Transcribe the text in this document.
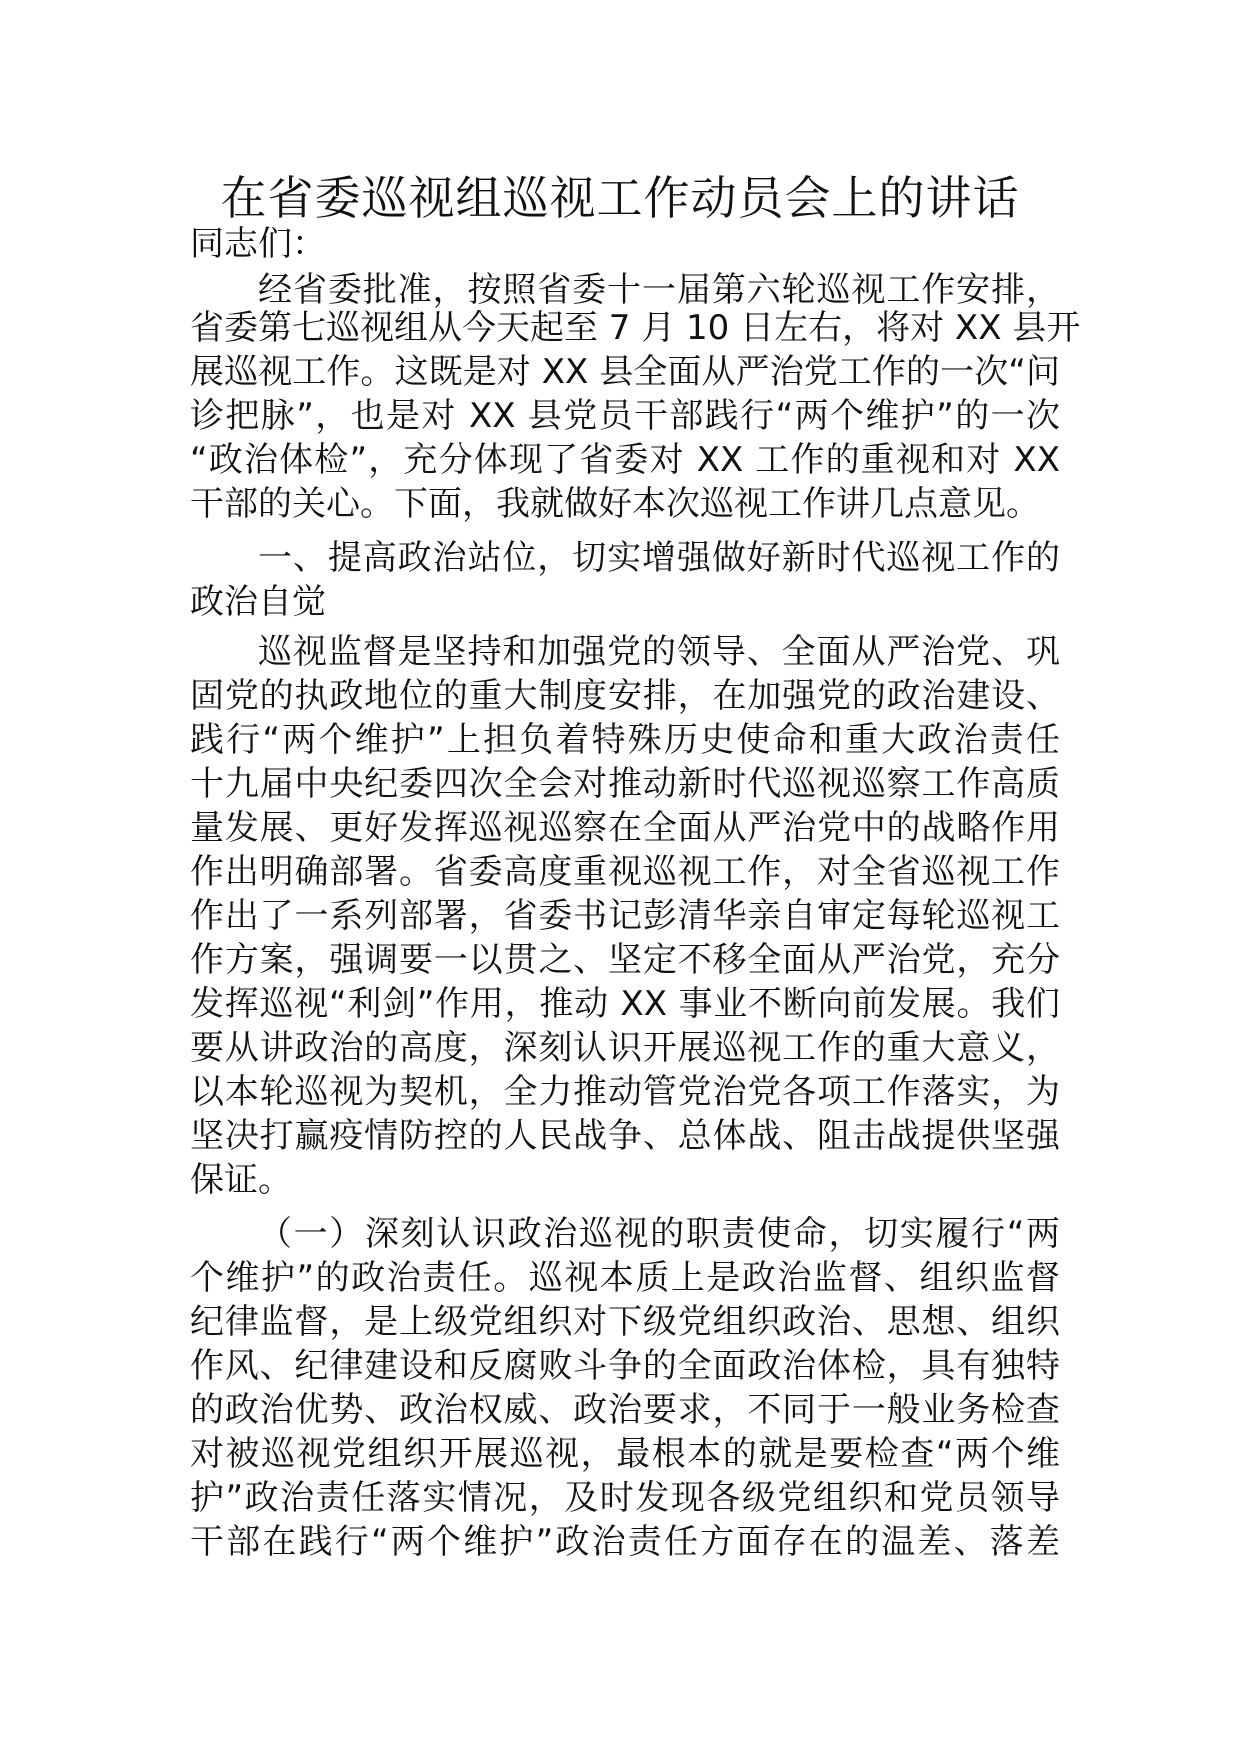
在省委巡视组巡视工作动员会上的讲话
同志们：
经省委批准，按照省委十一届第六轮巡视工作安排，
省委第七巡视组从今天起至 7 月 10 日左右，将对 XX 县开
展巡视工作。这既是对 XX 县全面从严治党工作的一次“问
诊把脉”，也是对 XX 县党员干部践行“两个维护”的一次
“政治体检”，充分体现了省委对 XX 工作的重视和对 XX
干部的关心。下面，我就做好本次巡视工作讲几点意见。
一、提高政治站位，切实增强做好新时代巡视工作的
政治自觉
巡视监督是坚持和加强党的领导、全面从严治党、巩
固党的执政地位的重大制度安排，在加强党的政治建设、
践行“两个维护”上担负着特殊历史使命和重大政治责任
十九届中央纪委四次全会对推动新时代巡视巡察工作高质
量发展、更好发挥巡视巡察在全面从严治党中的战略作用
作出明确部署。省委高度重视巡视工作，对全省巡视工作
作出了一系列部署，省委书记彭清华亲自审定每轮巡视工
作方案，强调要一以贯之、坚定不移全面从严治党，充分
发挥巡视“利剑”作用，推动 XX 事业不断向前发展。我们
要从讲政治的高度，深刻认识开展巡视工作的重大意义，
以本轮巡视为契机，全力推动管党治党各项工作落实，为
坚决打赢疫情防控的人民战争、总体战、阻击战提供坚强
保证。
（一）深刻认识政治巡视的职责使命，切实履行“两
个维护”的政治责任。巡视本质上是政治监督、组织监督
纪律监督，是上级党组织对下级党组织政治、思想、组织
作风、纪律建设和反腐败斗争的全面政治体检，具有独特
的政治优势、政治权威、政治要求，不同于一般业务检查
对被巡视党组织开展巡视，最根本的就是要检查“两个维
护”政治责任落实情况，及时发现各级党组织和党员领导
干部在践行“两个维护”政治责任方面存在的温差、落差
